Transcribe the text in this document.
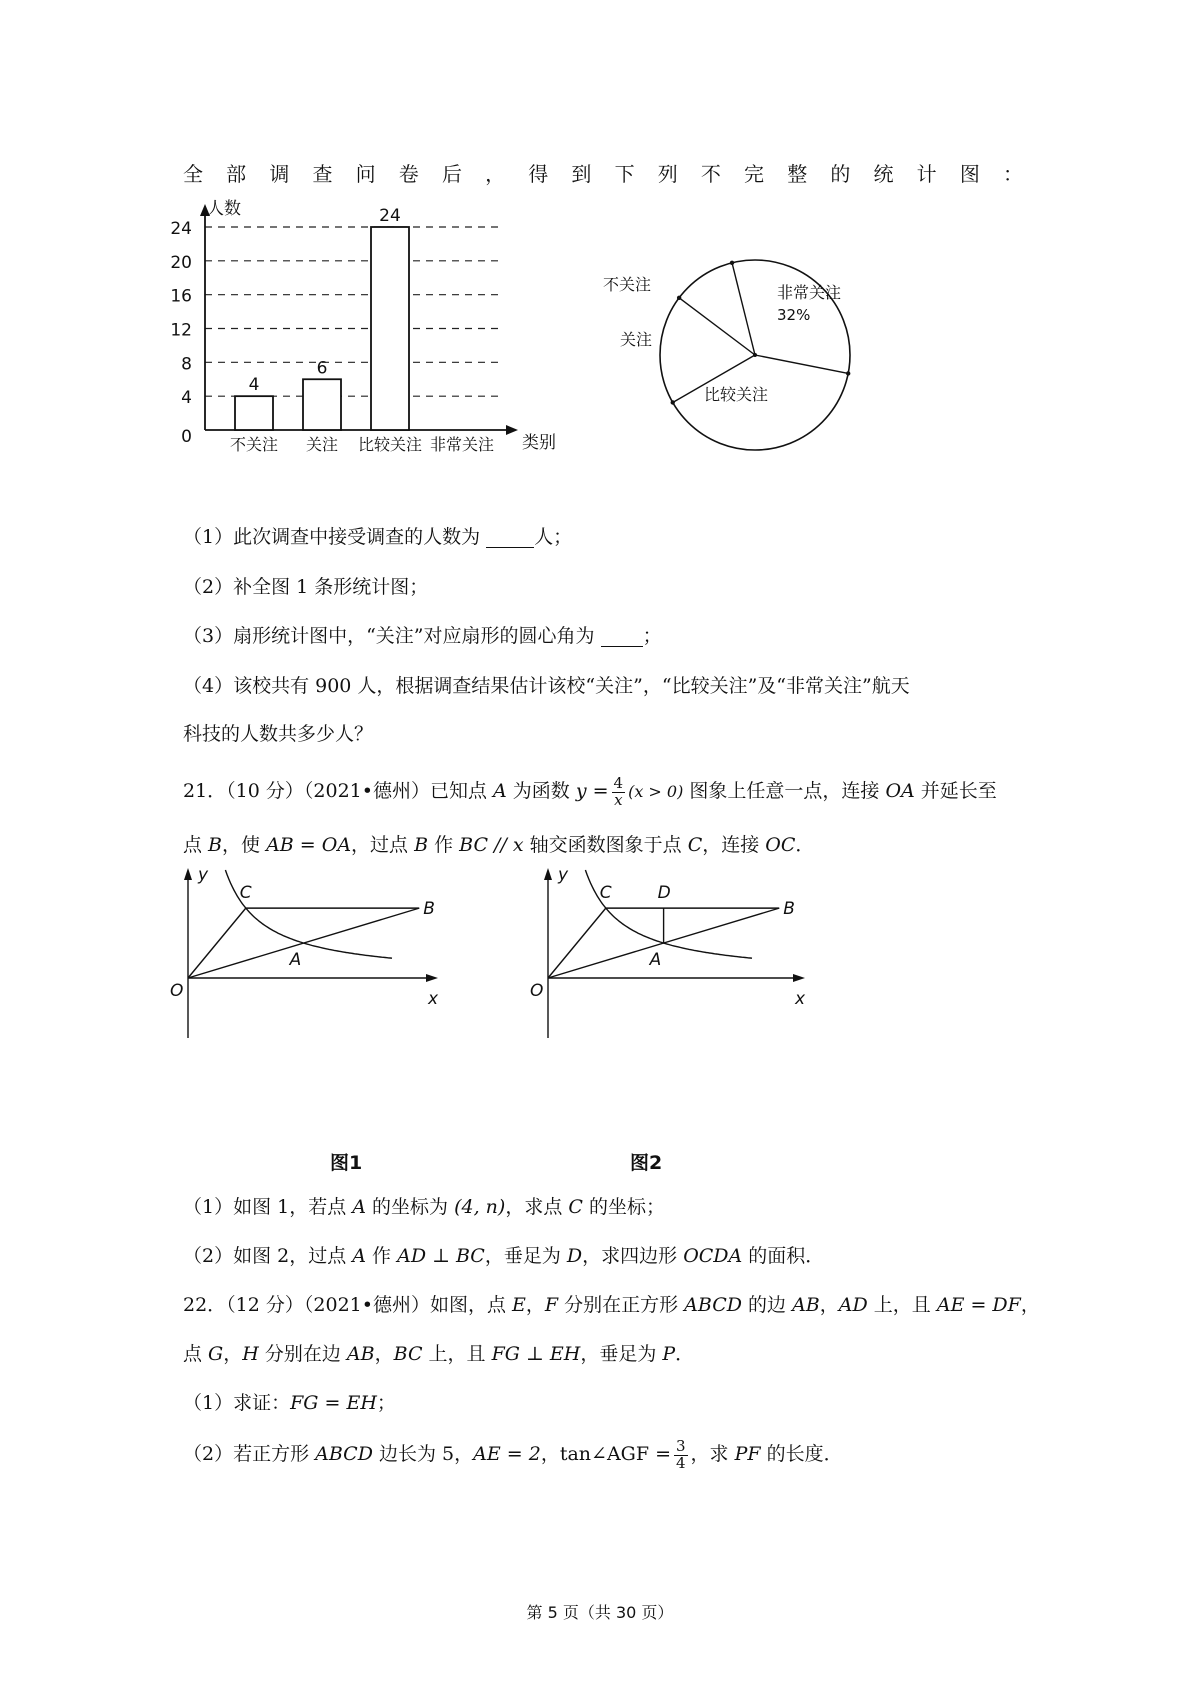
全 部 调 查 问 卷 后 ， 得 到 下 列 不 完 整 的 统 计 图 ：
0
4
8
12
16
20
24
人数
类别
4
不关注
6
关注
24
比较关注 非常关注
非常关注
32%
比较关注
关注
不关注
（1）此次调查中接受调查的人数为	人；
（2）补全图 1 条形统计图；
（3）扇形统计图中，“关注”对应扇形的圆心角为  ；
（4）该校共有 900 人，根据调查结果估计该校“关注”，“比较关注”及“非常关注”航天
科技的人数共多少人？
21．（10 分）（2021•德州）已知点 A 为函数 $y = \frac{4}{x} (x > 0)$ 图象上任意一点，连接 OA 并延长至
点 B，使 AB = OA，过点 B 作 BC // x 轴交函数图象于点 C，连接 OC．
y
x
O
C
B
A
图1
y
x
O
C
B
A
D
图2
（1）如图 1，若点 A 的坐标为 (4, n)，求点 C 的坐标；
（2）如图 2，过点 A 作 AD ⊥ BC，垂足为 D，求四边形 OCDA 的面积．
22．（12 分）（2021•德州）如图，点 E，F 分别在正方形 ABCD 的边 AB，AD 上，且 AE = DF，
点 G，H 分别在边 AB，BC 上，且 FG ⊥ EH，垂足为 P．
（1）求证：FG = EH；
（2）若正方形 ABCD 边长为 5，AE = 2，tan∠AGF = $\frac{3}{4}$ ，求 PF 的长度．
第 5 页（共 30 页）
